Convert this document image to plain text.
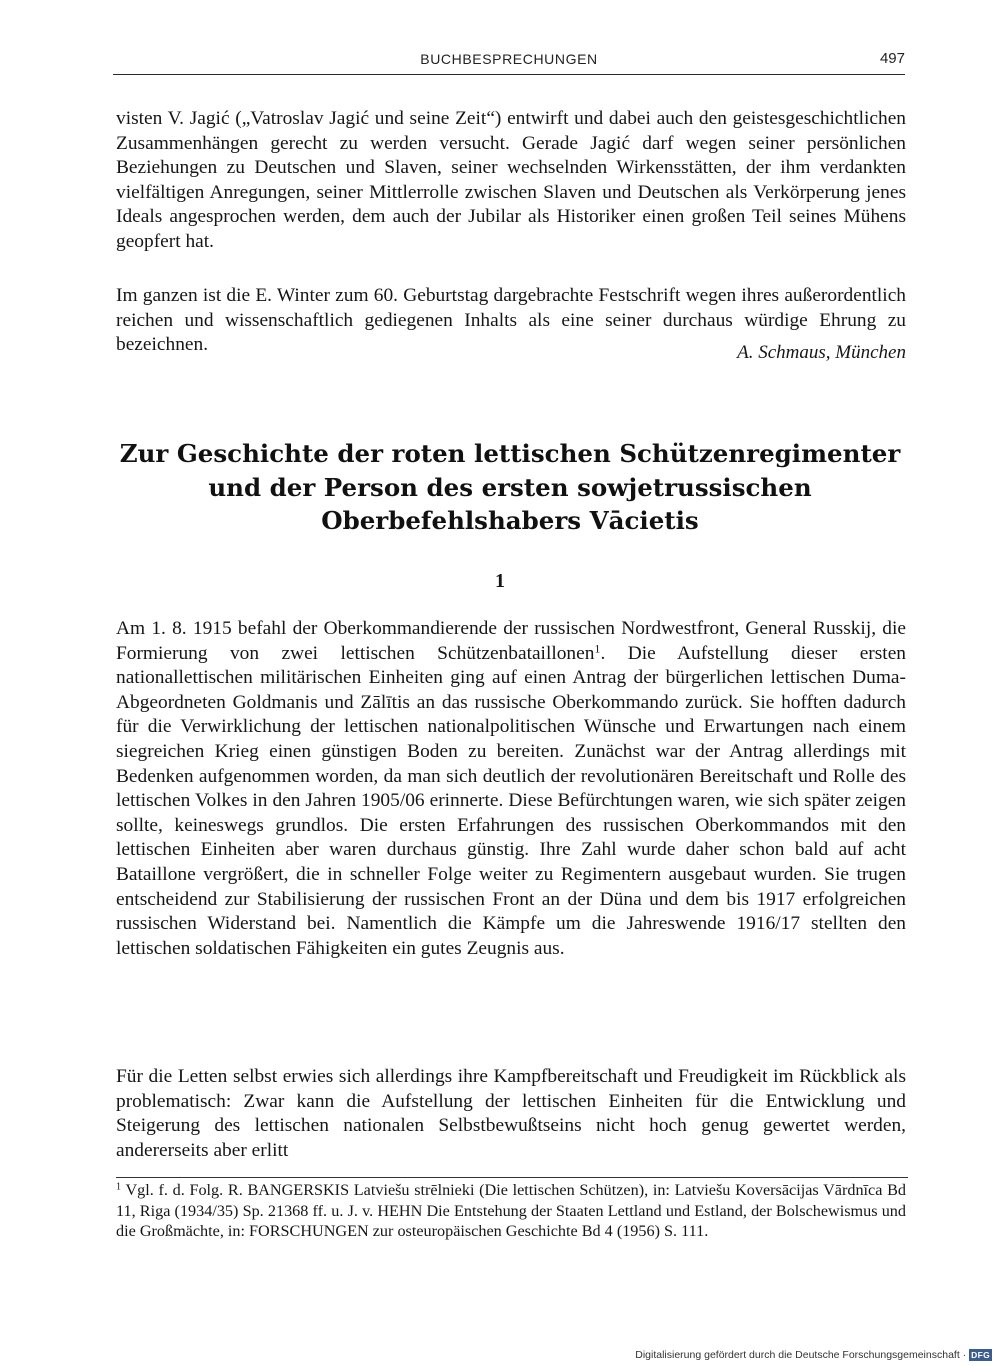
BUCHBESPRECHUNGEN	497

visten V. Jagić („Vatroslav Jagić und seine Zeit“) entwirft und dabei auch den geistesgeschichtlichen Zusammenhängen gerecht zu werden versucht. Gerade Jagić darf wegen seiner persönlichen Beziehungen zu Deutschen und Slaven, seiner wechselnden Wirkensstätten, der ihm verdankten vielfältigen Anregungen, seiner Mittlerrolle zwischen Slaven und Deutschen als Verkörperung jenes Ideals angesprochen werden, dem auch der Jubilar als Historiker einen großen Teil seines Mühens geopfert hat.

Im ganzen ist die E. Winter zum 60. Geburtstag dargebrachte Festschrift wegen ihres außerordentlich reichen und wissenschaftlich gediegenen Inhalts als eine seiner durchaus würdige Ehrung zu bezeichnen.	A. Schmaus, München
Zur Geschichte der roten lettischen Schützenregimenter
und der Person des ersten sowjetrussischen
Oberbefehlshabers Vācietis
1

Am 1. 8. 1915 befahl der Oberkommandierende der russischen Nordwestfront, General Russkij, die Formierung von zwei lettischen Schützenbataillonen$^1$. Die Aufstellung dieser ersten nationallettischen militärischen Einheiten ging auf einen Antrag der bürgerlichen lettischen Duma-Abgeordneten Goldmanis und Zālītis an das russische Oberkommando zurück. Sie hofften dadurch für die Verwirklichung der lettischen nationalpolitischen Wünsche und Erwartungen nach einem siegreichen Krieg einen günstigen Boden zu bereiten. Zunächst war der Antrag allerdings mit Bedenken aufgenommen worden, da man sich deutlich der revolutionären Bereitschaft und Rolle des lettischen Volkes in den Jahren 1905/06 erinnerte. Diese Befürchtungen waren, wie sich später zeigen sollte, keineswegs grundlos. Die ersten Erfahrungen des russischen Oberkommandos mit den lettischen Einheiten aber waren durchaus günstig. Ihre Zahl wurde daher schon bald auf acht Bataillone vergrößert, die in schneller Folge weiter zu Regimentern ausgebaut wurden. Sie trugen entscheidend zur Stabilisierung der russischen Front an der Düna und dem bis 1917 erfolgreichen russischen Widerstand bei. Namentlich die Kämpfe um die Jahreswende 1916/17 stellten den lettischen soldatischen Fähigkeiten ein gutes Zeugnis aus.

Für die Letten selbst erwies sich allerdings ihre Kampfbereitschaft und Freudigkeit im Rückblick als problematisch: Zwar kann die Aufstellung der lettischen Einheiten für die Entwicklung und Steigerung des lettischen nationalen Selbstbewußtseins nicht hoch genug gewertet werden, andererseits aber erlitt

$^1$ Vgl. f. d. Folg. R. BANGERSKIS Latviešu strēlnieki (Die lettischen Schützen), in: Latviešu Koversācijas Vārdnīca Bd 11, Riga (1934/35) Sp. 21368 ff. u. J. v. HEHN Die Entstehung der Staaten Lettland und Estland, der Bolschewismus und die Großmächte, in: FORSCHUNGEN zur osteuropäischen Geschichte Bd 4 (1956) S. 111.

Digitalisierung gefördert durch die Deutsche Forschungsgemeinschaft · DFG
